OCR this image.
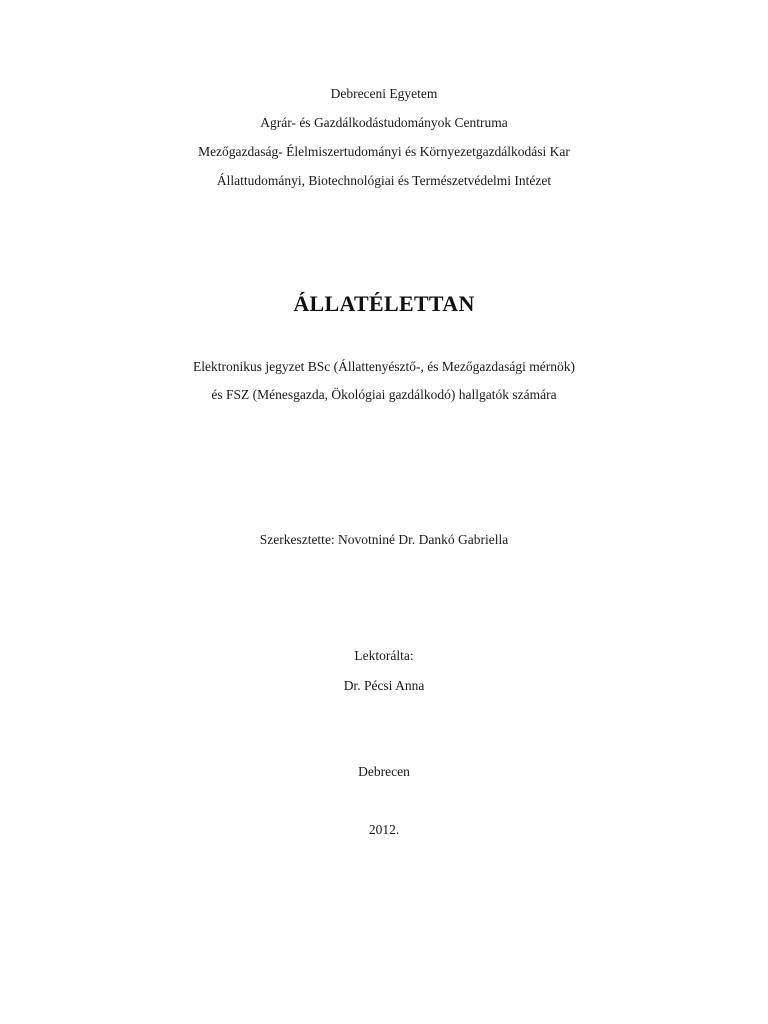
Debreceni Egyetem
Agrár- és Gazdálkodástudományok Centruma
Mezőgazdaság- Élelmiszertudományi és Környezetgazdálkodási Kar
Állattudományi, Biotechnológiai és Természetvédelmi Intézet
ÁLLATÉLETTAN
Elektronikus jegyzet BSc (Állattenyésztő-, és Mezőgazdasági mérnök)
és FSZ (Ménesgazda, Ökológiai gazdálkodó) hallgatók számára
Szerkesztette: Novotniné Dr. Dankó Gabriella
Lektorálta:
Dr. Pécsi Anna
Debrecen
2012.
